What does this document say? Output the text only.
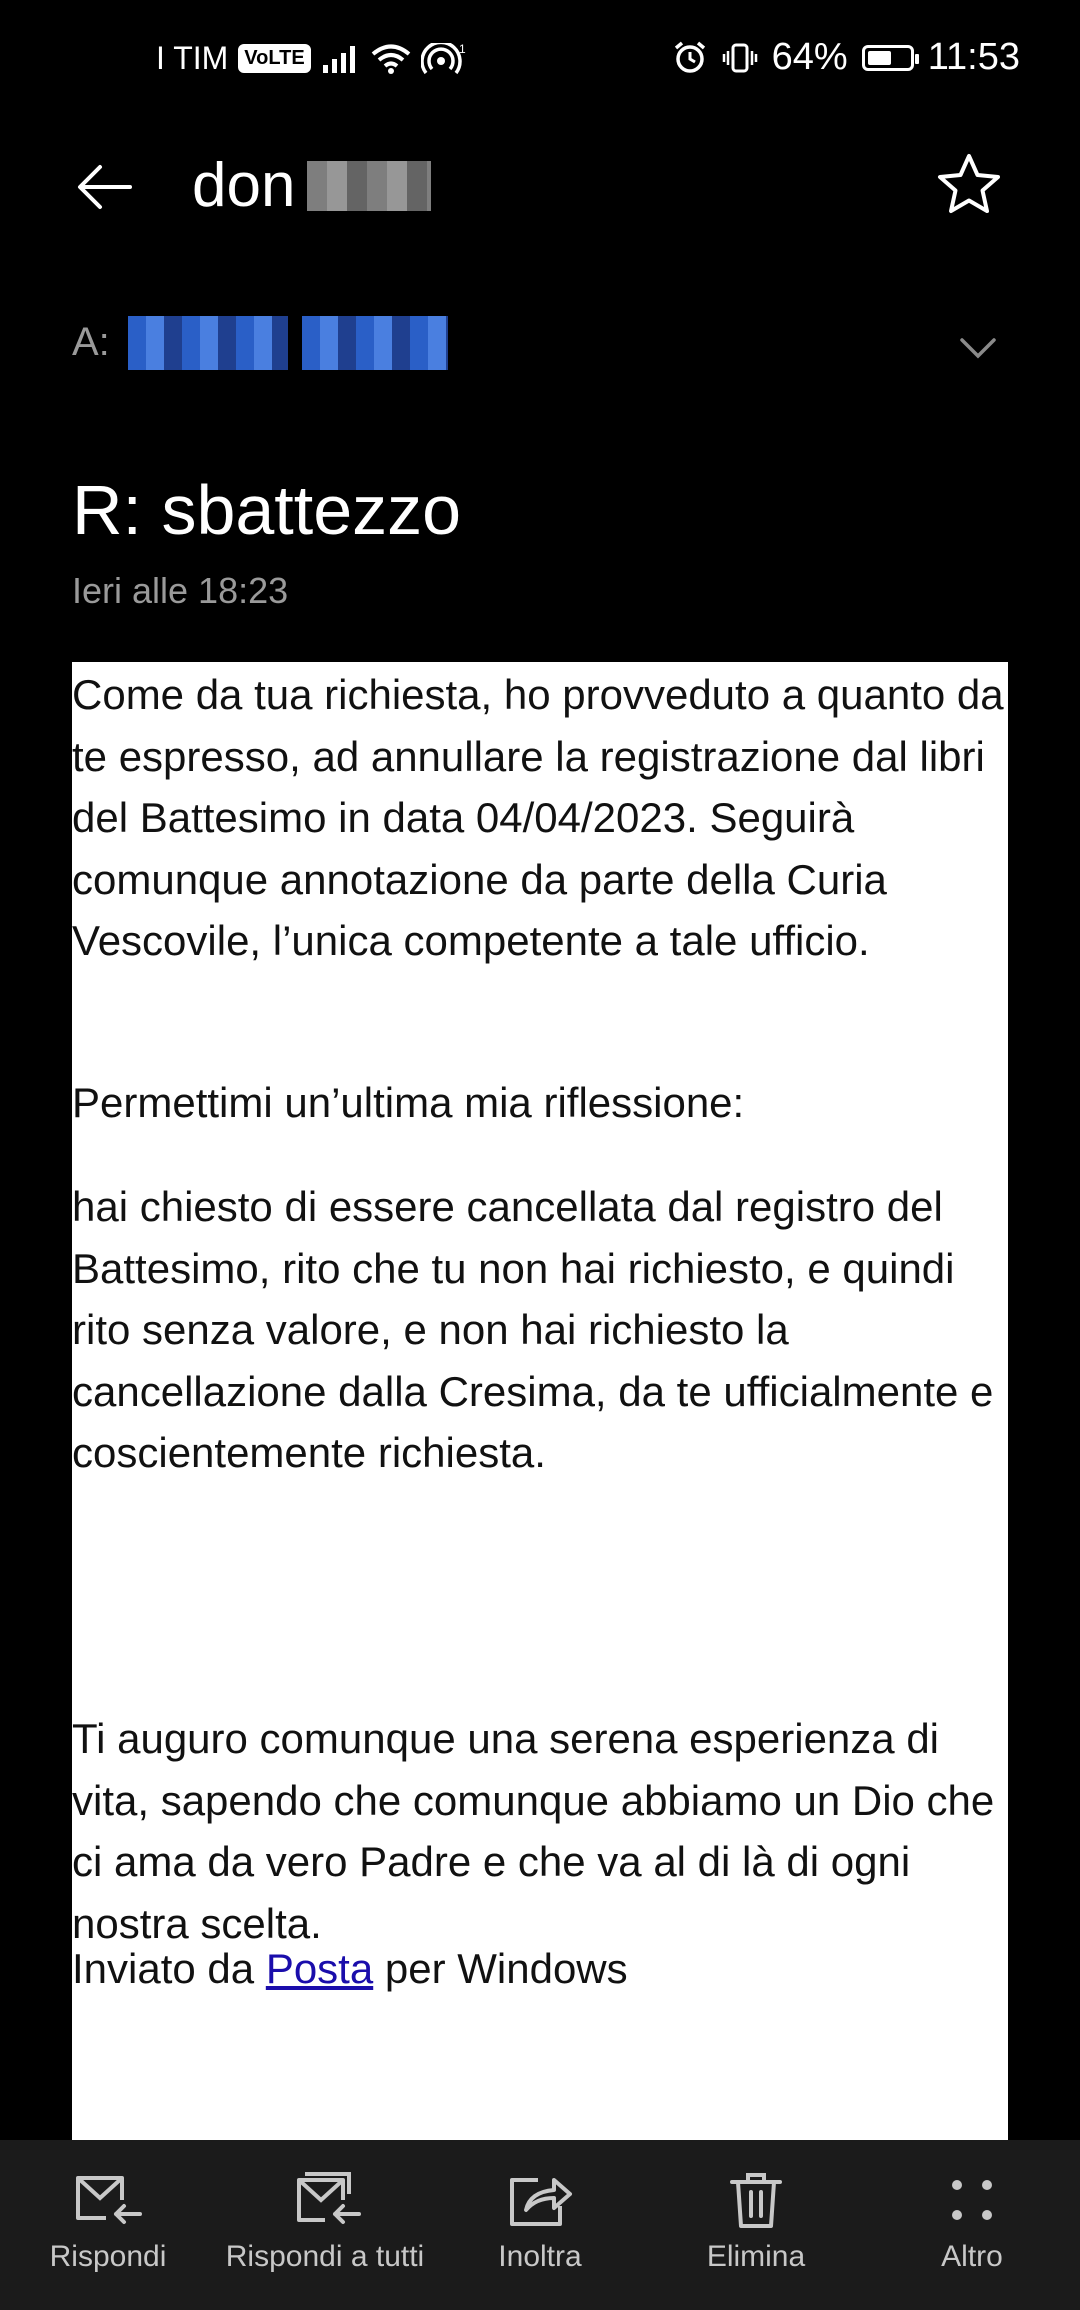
I TIM VoLTE	1	64% 11:53
don
A:
R: sbattezzo
Ieri alle 18:23

Come da tua richiesta, ho provveduto a quanto da te espresso, ad annullare la registrazione dal libri del Battesimo in data 04/04/2023. Seguirà comunque annotazione da parte della Curia Vescovile, l’unica competente a tale ufficio.

Permettimi un’ultima mia riflessione:

hai chiesto di essere cancellata dal registro del Battesimo, rito che tu non hai richiesto, e quindi rito senza valore, e non hai richiesto la cancellazione dalla Cresima, da te ufficialmente e coscientemente richiesta.

Ti auguro comunque una serena esperienza di vita, sapendo che comunque abbiamo un Dio che ci ama da vero Padre e che va al di là di ogni nostra scelta.

Inviato da Posta per Windows

Rispondi	Rispondi a tutti	Inoltra	Elimina	Altro
